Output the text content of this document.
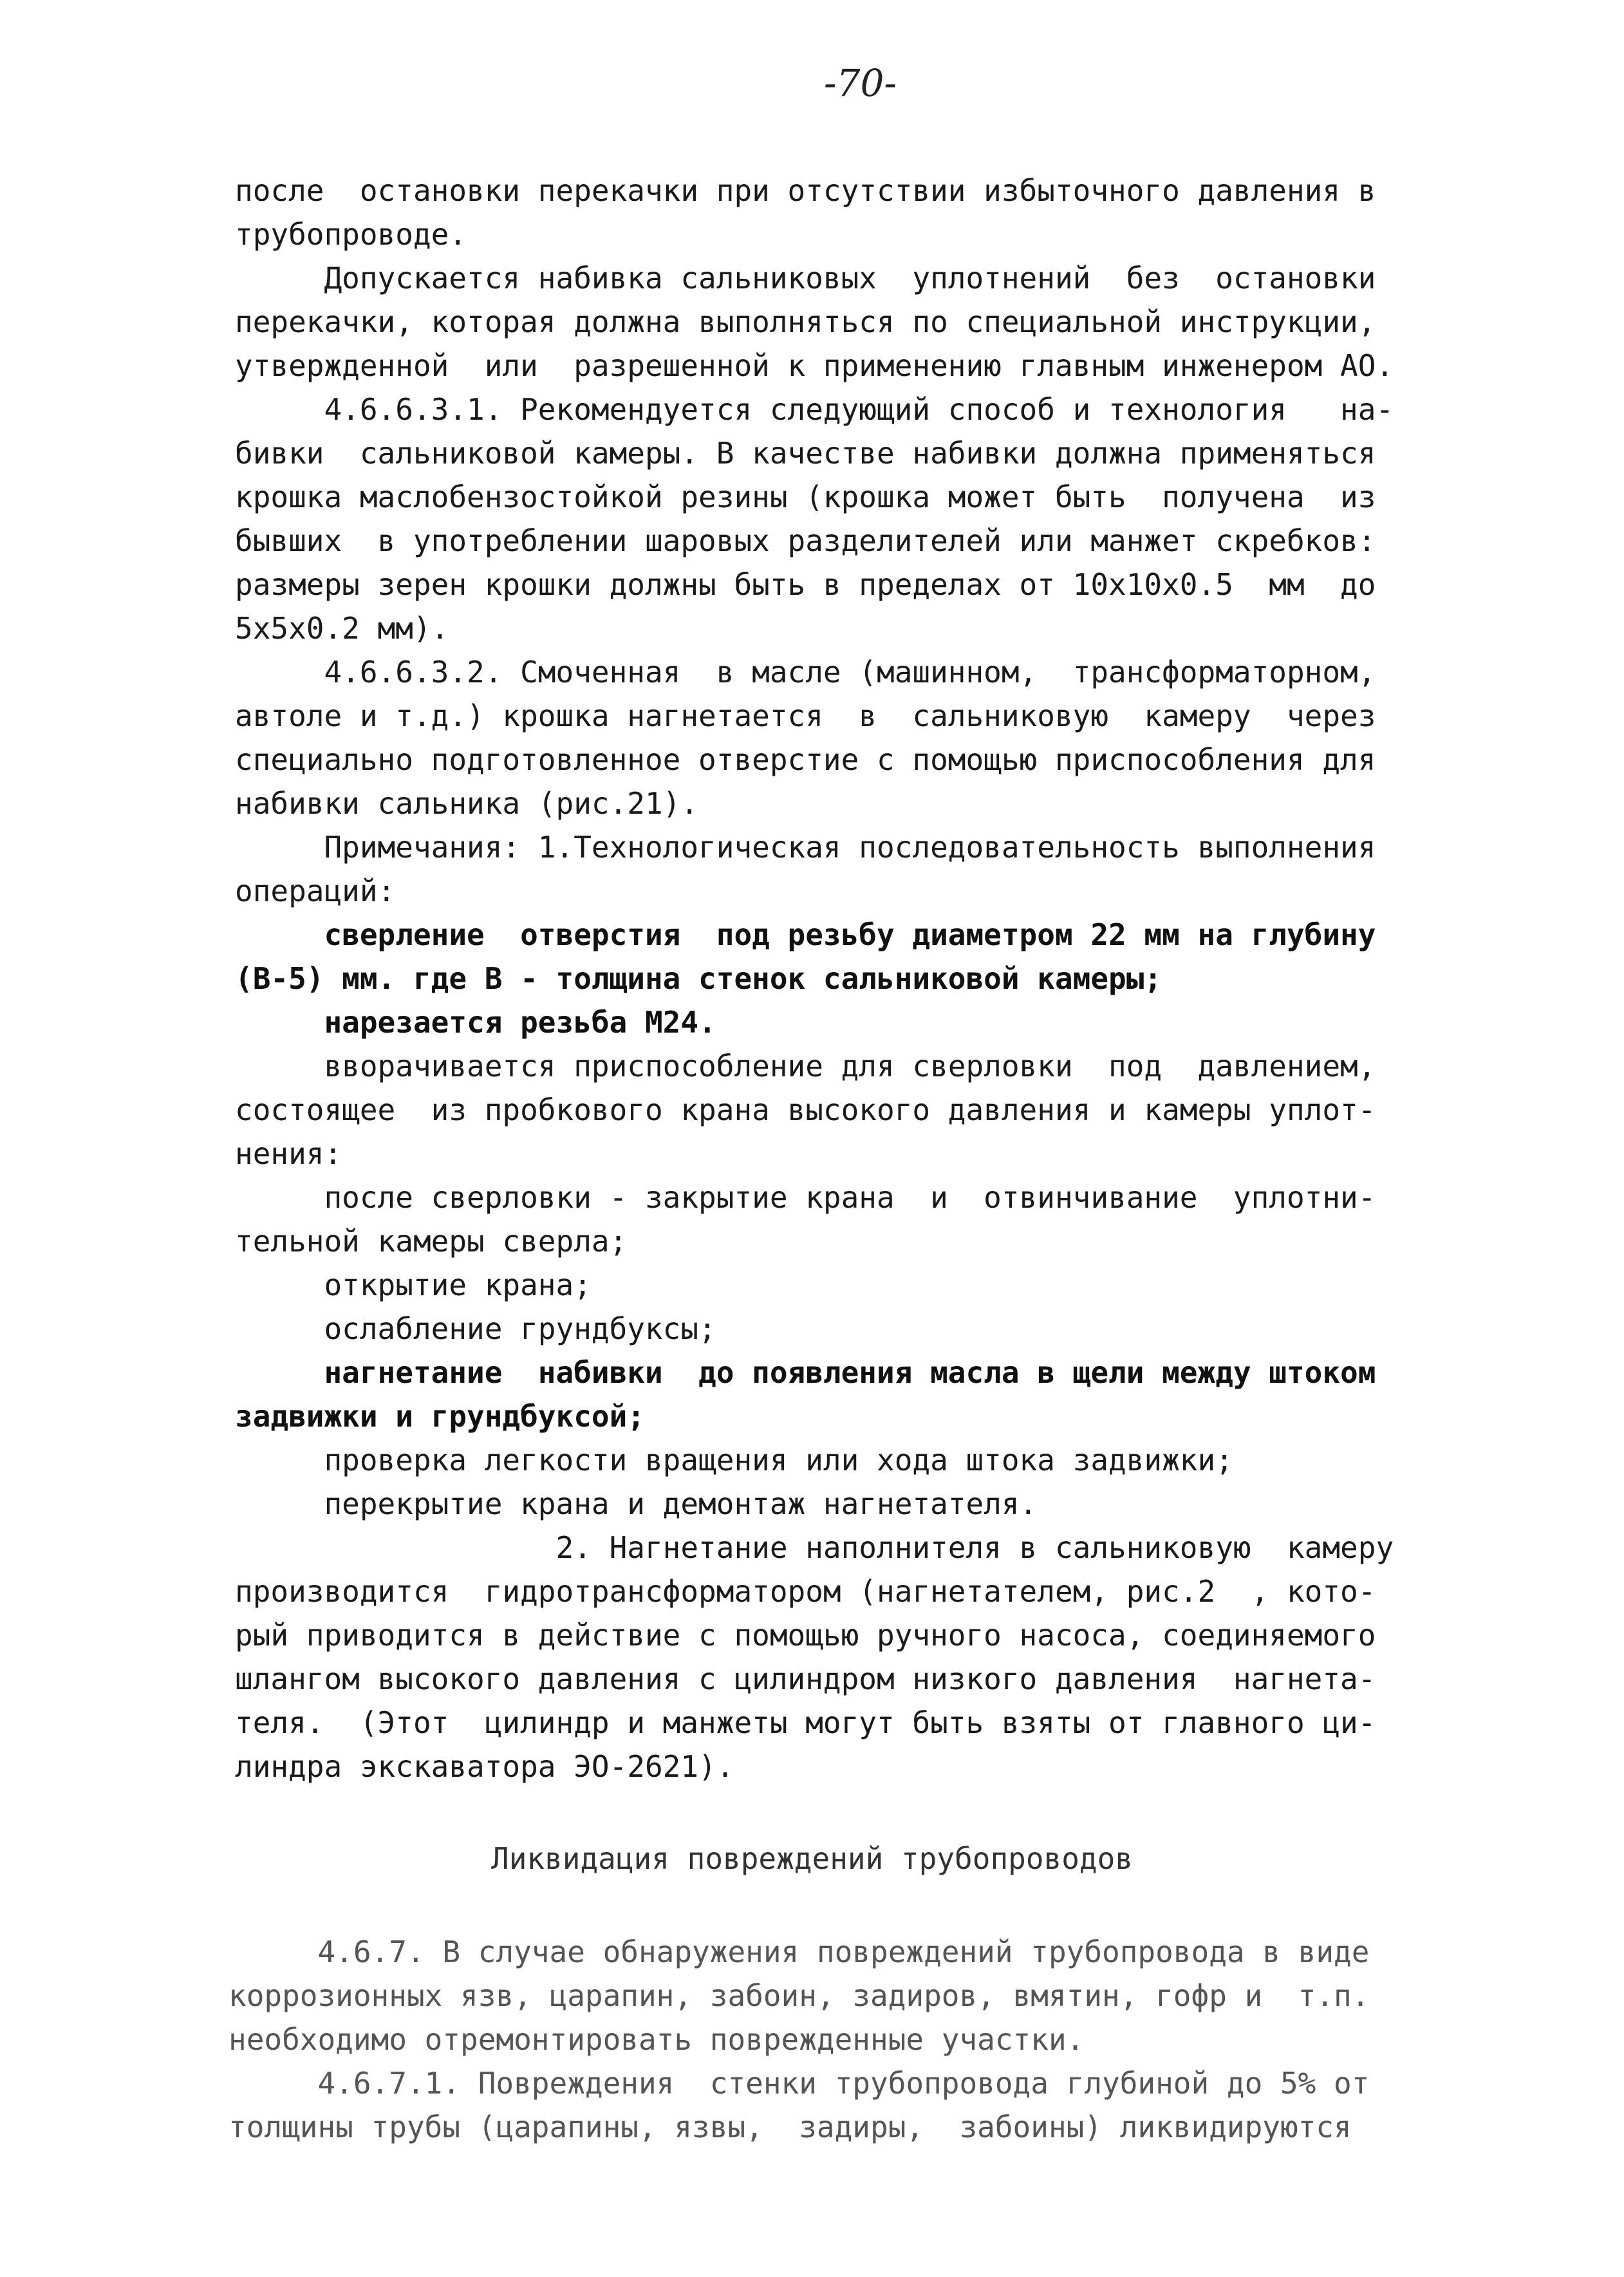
-70-
после  остановки перекачки при отсутствии избыточного давления в
трубопроводе.
Допускается набивка сальниковых  уплотнений  без  остановки
перекачки, которая должна выполняться по специальной инструкции,
утвержденной  или  разрешенной к применению главным инженером АО.
4.6.6.3.1. Рекомендуется следующий способ и технология   на-
бивки  сальниковой камеры. В качестве набивки должна применяться
крошка маслобензостойкой резины (крошка может быть  получена  из
бывших  в употреблении шаровых разделителей или манжет скребков:
размеры зерен крошки должны быть в пределах от 10х10х0.5  мм  до
5х5х0.2 мм).
4.6.6.3.2. Смоченная  в масле (машинном,  трансформаторном,
автоле и т.д.) крошка нагнетается  в  сальниковую  камеру  через
специально подготовленное отверстие с помощью приспособления для
набивки сальника (рис.21).
Примечания: 1.Технологическая последовательность выполнения
операций:
сверление  отверстия  под резьбу диаметром 22 мм на глубину
(В-5) мм. где В - толщина стенок сальниковой камеры;
нарезается резьба М24.
вворачивается приспособление для сверловки  под  давлением,
состоящее  из пробкового крана высокого давления и камеры уплот-
нения:
после сверловки - закрытие крана  и  отвинчивание  уплотни-
тельной камеры сверла;
открытие крана;
ослабление грундбуксы;
нагнетание  набивки  до появления масла в щели между штоком
задвижки и грундбуксой;
проверка легкости вращения или хода штока задвижки;
перекрытие крана и демонтаж нагнетателя.
2. Нагнетание наполнителя в сальниковую  камеру
производится  гидротрансформатором (нагнетателем, рис.2  , кото-
рый приводится в действие с помощью ручного насоса, соединяемого
шлангом высокого давления с цилиндром низкого давления  нагнета-
теля.  (Этот  цилиндр и манжеты могут быть взяты от главного ци-
линдра экскаватора ЭО-2621).
Ликвидация повреждений трубопроводов
4.6.7. В случае обнаружения повреждений трубопровода в виде
коррозионных язв, царапин, забоин, задиров, вмятин, гофр и  т.п.
необходимо отремонтировать поврежденные участки.
4.6.7.1. Повреждения  стенки трубопровода глубиной до 5% от
толщины трубы (царапины, язвы,  задиры,  забоины) ликвидируются
